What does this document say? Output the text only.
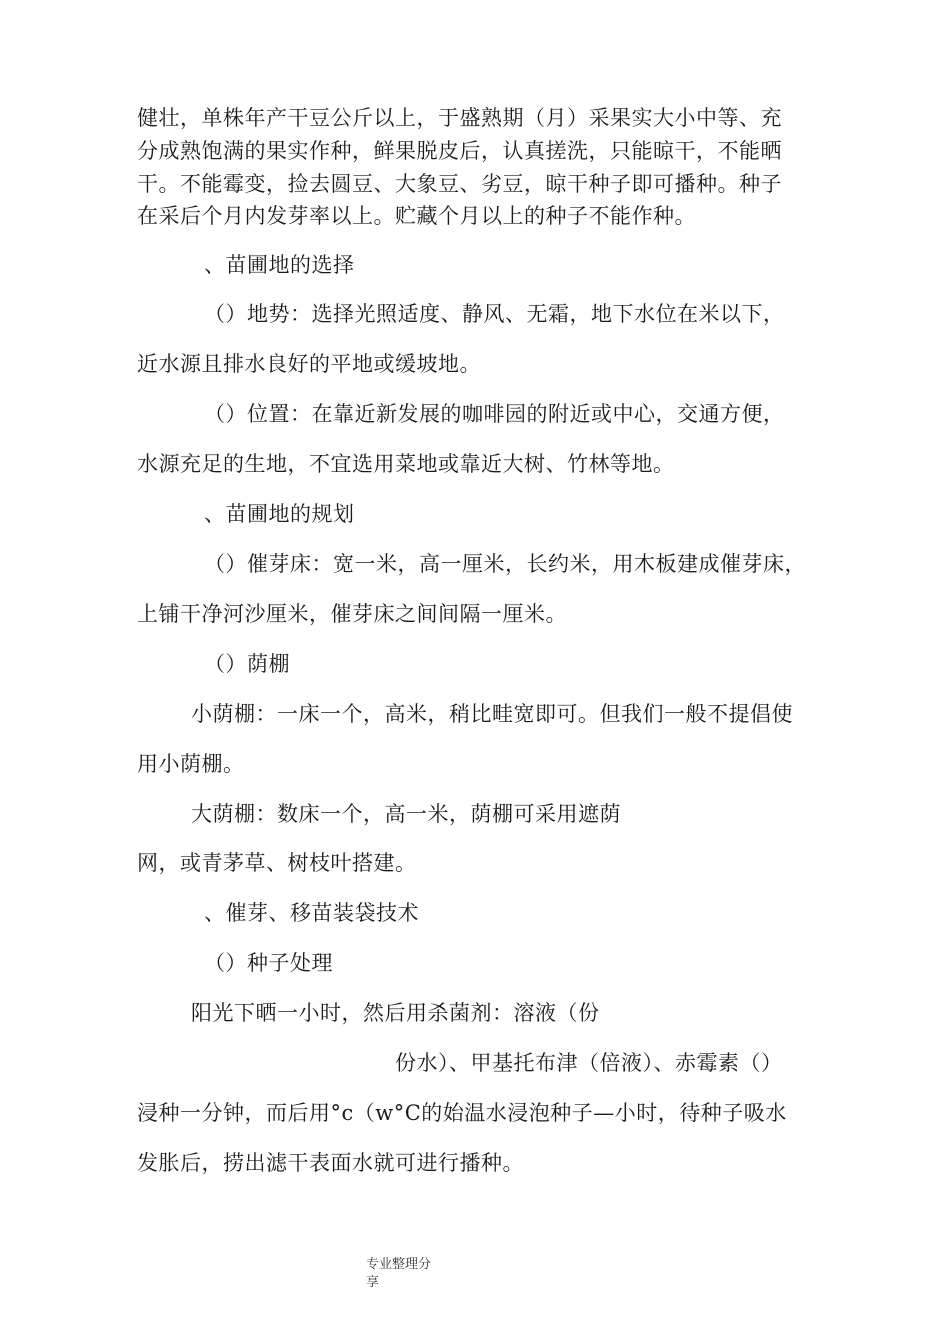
健壮，单株年产干豆公斤以上，于盛熟期（月）采果实大小中等、充
分成熟饱满的果实作种，鲜果脱皮后，认真搓洗，只能晾干，不能晒
干。不能霉变，捡去圆豆、大象豆、劣豆，晾干种子即可播种。种子
在采后个月内发芽率以上。贮藏个月以上的种子不能作种。
、苗圃地的选择
（）地势：选择光照适度、静风、无霜，地下水位在米以下，
近水源且排水良好的平地或缓坡地。
（）位置：在靠近新发展的咖啡园的附近或中心，交通方便，
水源充足的生地，不宜选用菜地或靠近大树、竹林等地。
、苗圃地的规划
（）催芽床：宽一米，高一厘米，长约米，用木板建成催芽床，
上铺干净河沙厘米，催芽床之间间隔一厘米。
（）荫棚
小荫棚：一床一个，高米，稍比畦宽即可。但我们一般不提倡使
用小荫棚。
大荫棚：数床一个，高一米，荫棚可采用遮荫
网，或青茅草、树枝叶搭建。
、催芽、移苗装袋技术
（）种子处理
阳光下晒一小时，然后用杀菌剂：溶液（份
份水）、甲基托布津（倍液）、赤霉素（）
浸种一分钟，而后用°c（w°C的始温水浸泡种子—小时，待种子吸水
发胀后，捞出滤干表面水就可进行播种。
专业整理分
享
